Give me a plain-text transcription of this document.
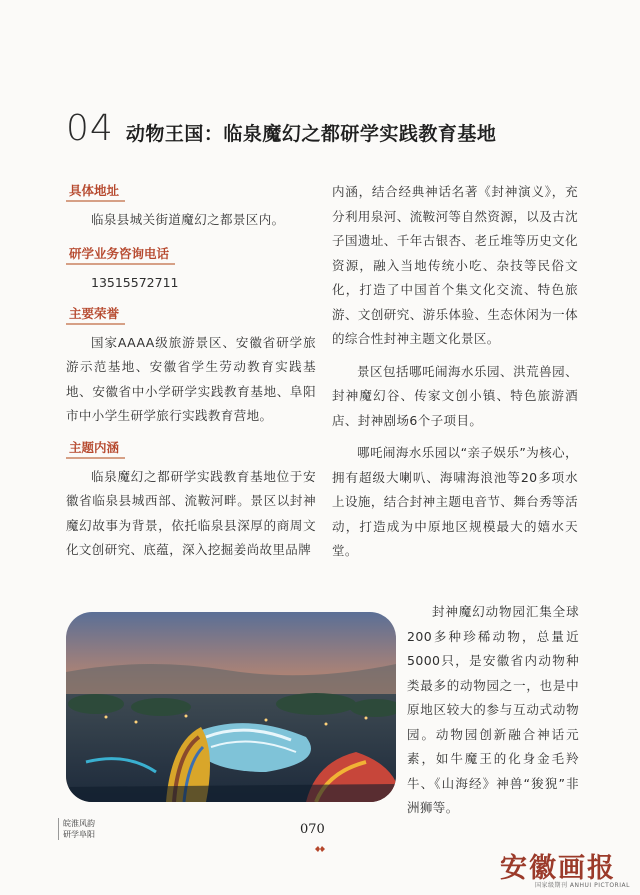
04 动物王国：临泉魔幻之都研学实践教育基地
具体地址
临泉县城关街道魔幻之都景区内。
研学业务咨询电话
13515572711
主要荣誉
国家AAAA级旅游景区、安徽省研学旅游示范基地、安徽省学生劳动教育实践基地、安徽省中小学研学实践教育基地、阜阳市中小学生研学旅行实践教育营地。
主题内涵
临泉魔幻之都研学实践教育基地位于安徽省临泉县城西部、流鞍河畔。景区以封神魔幻故事为背景，依托临泉县深厚的商周文化文创研究、底蕴，深入挖掘姜尚故里品牌
内涵，结合经典神话名著《封神演义》，充分利用泉河、流鞍河等自然资源，以及古沈子国遗址、千年古银杏、老丘堆等历史文化资源，融入当地传统小吃、杂技等民俗文化，打造了中国首个集文化交流、特色旅游、文创研究、游乐体验、生态休闲为一体的综合性封神主题文化景区。
景区包括哪吒闹海水乐园、洪荒兽园、封神魔幻谷、传家文创小镇、特色旅游酒店、封神剧场6个子项目。
哪吒闹海水乐园以“亲子娱乐”为核心，拥有超级大喇叭、海啸海浪池等20多项水上设施，结合封神主题电音节、舞台秀等活动，打造成为中原地区规模最大的嬉水天堂。
封神魔幻动物园汇集全球200多种珍稀动物，总量近5000只，是安徽省内动物种类最多的动物园之一，也是中原地区较大的参与互动式动物园。动物园创新融合神话元素，如牛魔王的化身金毛羚牛、《山海经》神兽“狻猊”非洲狮等。
皖淮风韵
研学阜阳	070
安徽画报
国家级期刊 ANHUI PICTORIAL
